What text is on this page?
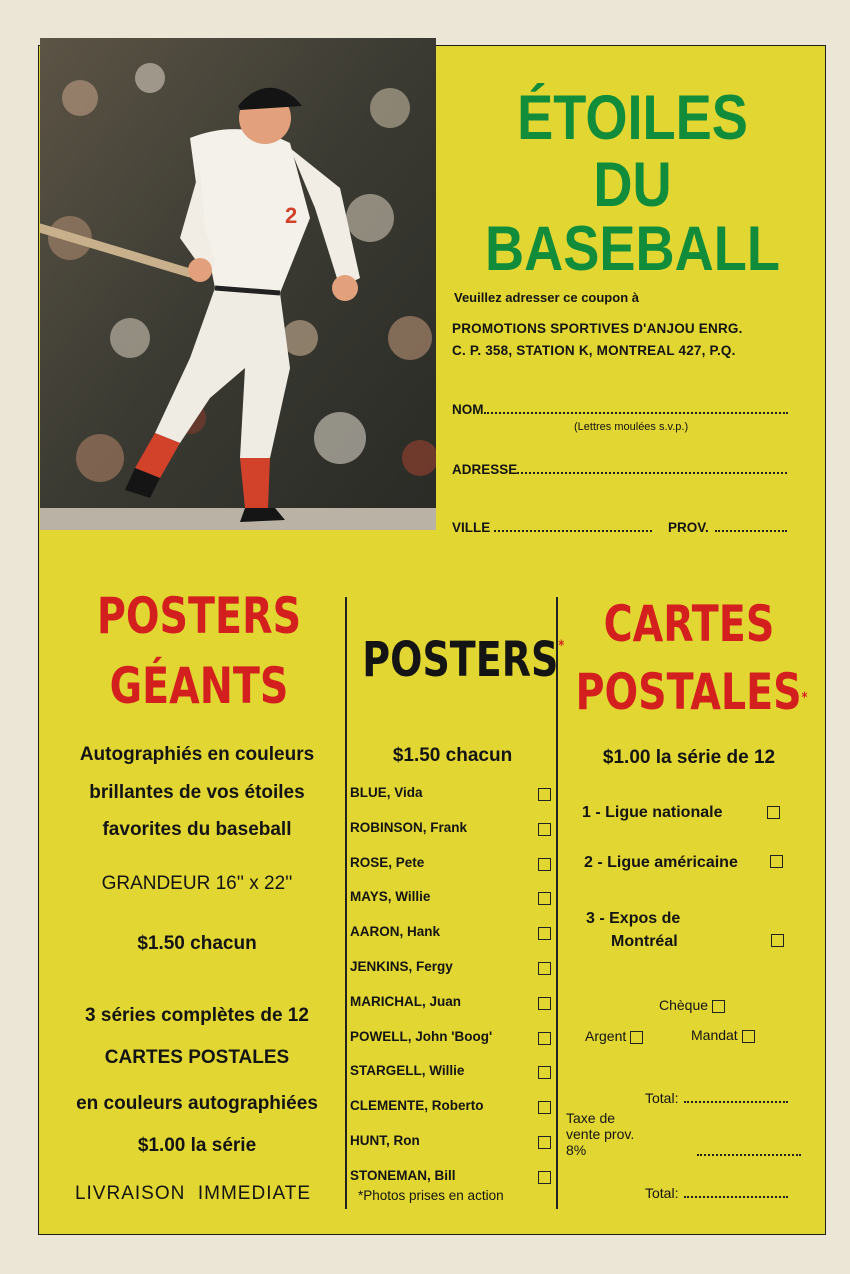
2
ÉTOILES
DU
BASEBALL
Veuillez adresser ce coupon à
PROMOTIONS SPORTIVES D'ANJOU ENRG.
C. P. 358, STATION K, MONTREAL 427, P.Q.
NOM
(Lettres moulées s.v.p.)
ADRESSE
VILLE	PROV.
POSTERS
GÉANTS
Autographiés en couleurs
brillantes de vos étoiles
favorites du baseball
GRANDEUR 16'' x 22''
$1.50 chacun
3 séries complètes de 12
CARTES POSTALES
en couleurs autographiées
$1.00 la série
LIVRAISON  IMMEDIATE
POSTERS*
$1.50 chacun
BLUE, Vida
ROBINSON, Frank
ROSE, Pete
MAYS, Willie
AARON, Hank
JENKINS, Fergy
MARICHAL, Juan
POWELL, John 'Boog'
STARGELL, Willie
CLEMENTE, Roberto
HUNT, Ron
STONEMAN, Bill
*Photos prises en action
CARTES
POSTALES*
$1.00 la série de 12
1 - Ligue nationale
2 - Ligue américaine
3 - Expos de
Montréal
Chèque
Argent	Mandat
Total:
Taxe de
vente prov.
8%
Total:
